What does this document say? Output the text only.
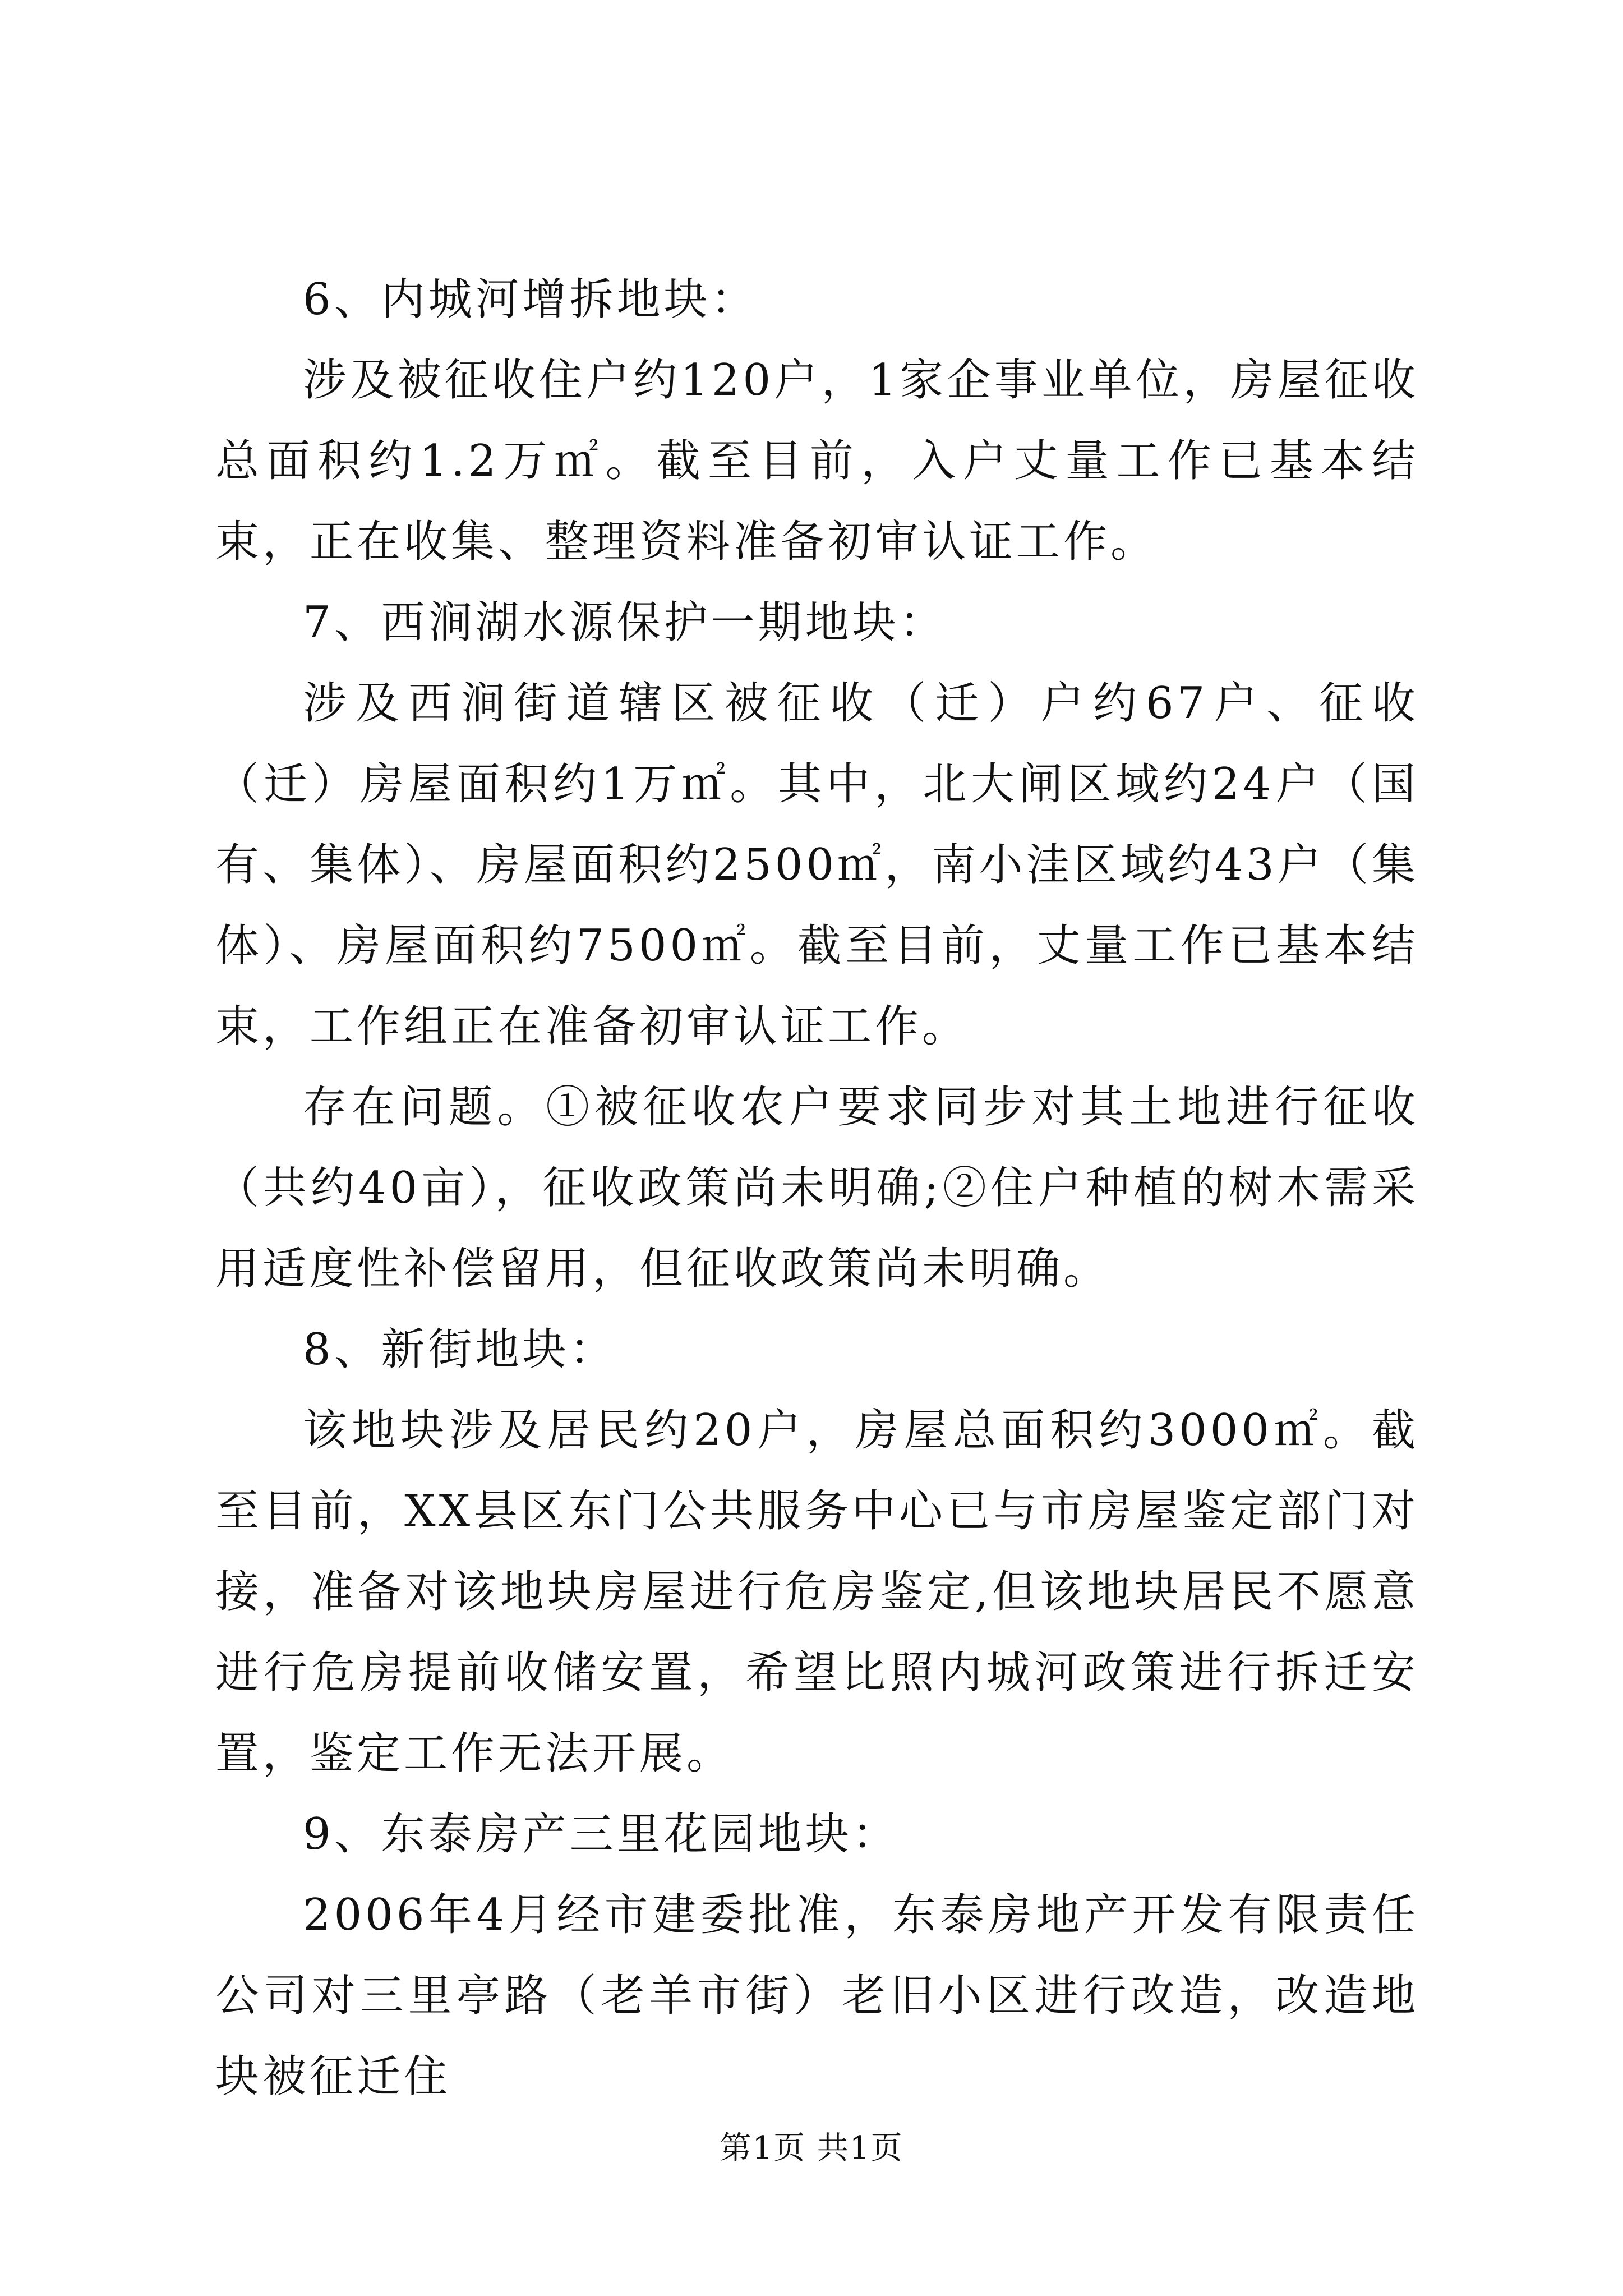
6、内城河增拆地块：

涉及被征收住户约120户，1家企事业单位，房屋征收总面积约1.2万㎡。截至目前，入户丈量工作已基本结束，正在收集、整理资料准备初审认证工作。

7、西涧湖水源保护一期地块：

涉及西涧街道辖区被征收（迁）户约67户、征收（迁）房屋面积约1万㎡。其中，北大闸区域约24户（国有、集体）、房屋面积约2500㎡，南小洼区域约43户（集体）、房屋面积约7500㎡。截至目前，丈量工作已基本结束，工作组正在准备初审认证工作。

存在问题。①被征收农户要求同步对其土地进行征收（共约40亩），征收政策尚未明确;②住户种植的树木需采用适度性补偿留用，但征收政策尚未明确。

8、新街地块：

该地块涉及居民约20户，房屋总面积约3000㎡。截至目前，XX县区东门公共服务中心已与市房屋鉴定部门对接，准备对该地块房屋进行危房鉴定,但该地块居民不愿意进行危房提前收储安置，希望比照内城河政策进行拆迁安置，鉴定工作无法开展。

9、东泰房产三里花园地块：

2006年4月经市建委批准，东泰房地产开发有限责任公司对三里亭路（老羊市街）老旧小区进行改造，改造地块被征迁住

第1页 共1页
